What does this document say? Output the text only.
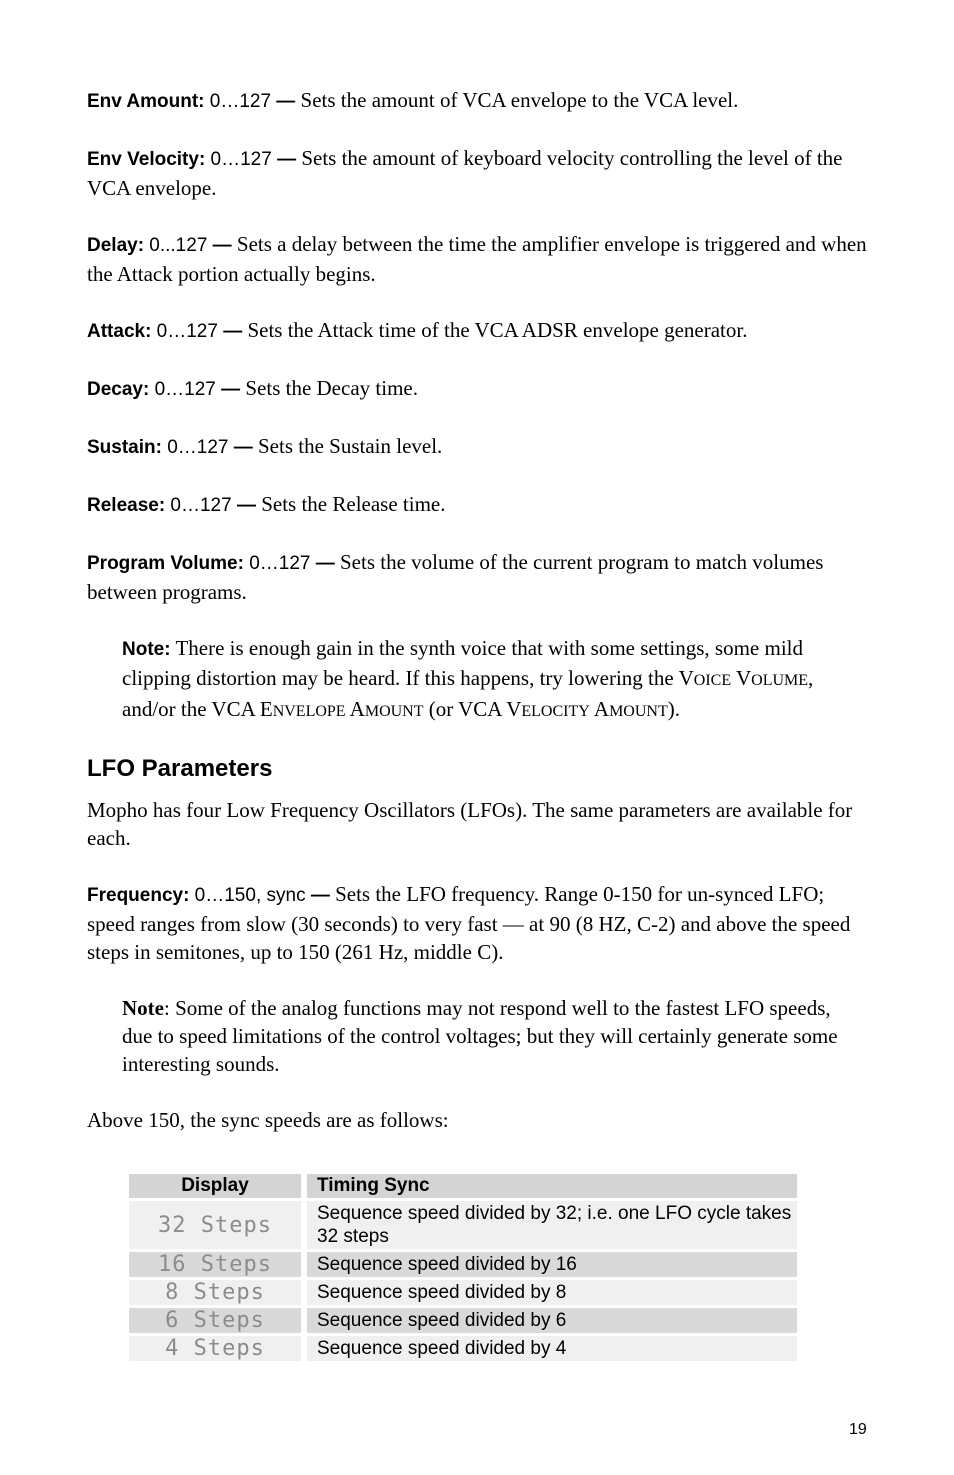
Env Amount: 0…127 — Sets the amount of VCA envelope to the VCA level.

Env Velocity: 0…127 — Sets the amount of keyboard velocity controlling the level of the VCA envelope.

Delay: 0...127 — Sets a delay between the time the amplifier envelope is triggered and when the Attack portion actually begins.

Attack: 0…127 — Sets the Attack time of the VCA ADSR envelope generator.

Decay: 0…127 — Sets the Decay time.

Sustain: 0…127 — Sets the Sustain level.

Release: 0…127 — Sets the Release time.

Program Volume: 0…127 — Sets the volume of the current program to match volumes between programs.

Note: There is enough gain in the synth voice that with some settings, some mild clipping distortion may be heard. If this happens, try lowering the VOICE VOLUME, and/or the VCA ENVELOPE AMOUNT (or VCA VELOCITY AMOUNT).

LFO Parameters

Mopho has four Low Frequency Oscillators (LFOs). The same parameters are available for each.

Frequency: 0…150, sync — Sets the LFO frequency. Range 0-150 for un-synced LFO; speed ranges from slow (30 seconds) to very fast — at 90 (8 HZ, C-2) and above the speed steps in semitones, up to 150 (261 Hz, middle C).

Note: Some of the analog functions may not respond well to the fastest LFO speeds, due to speed limitations of the control voltages; but they will certainly generate some interesting sounds.

Above 150, the sync speeds are as follows:

Display		Timing Sync
32 Steps		Sequence speed divided by 32; i.e. one LFO cycle takes 32 steps
16 Steps		Sequence speed divided by 16
8 Steps		Sequence speed divided by 8
6 Steps		Sequence speed divided by 6
4 Steps		Sequence speed divided by 4
19
